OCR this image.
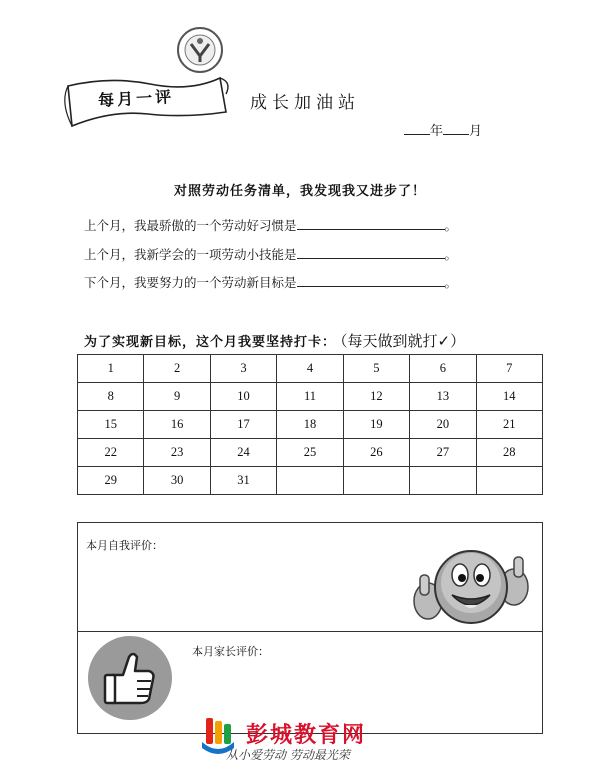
每月一评	成长加油站
年 月
对照劳动任务清单，我发现我又进步了！
上个月，我最骄傲的一个劳动好习惯是	。
上个月，我新学会的一项劳动小技能是	。
下个月，我要努力的一个劳动新目标是	。
为了实现新目标，这个月我要坚持打卡： （每天做到就打✓）
1	2	3	4	5	6	7
8	9	10	11	12	13	14
15	16	17	18	19	20	21
22	23	24	25	26	27	28
29	30	31				
本月自我评价：
本月家长评价：
彭城教育网
从小爱劳动 劳动最光荣
